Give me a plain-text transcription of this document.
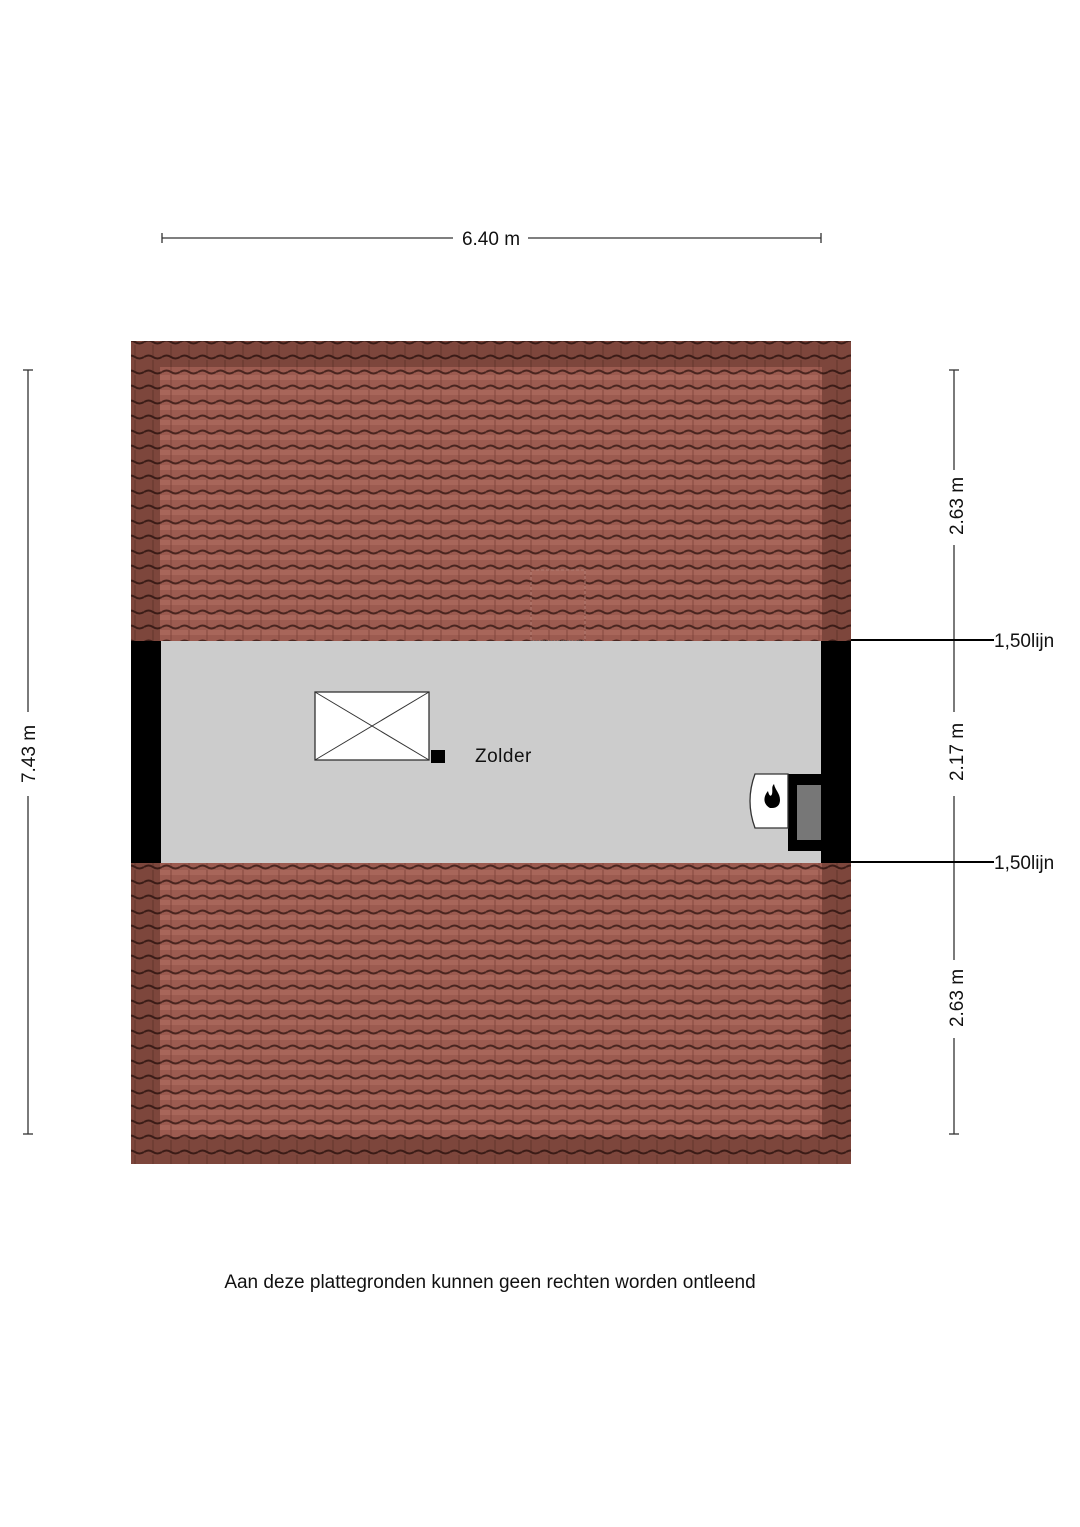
6.40 m
7.43 m
2.63 m
2.17 m
2.63 m
Zolder
1,50lijn
1,50lijn
Aan deze plattegronden kunnen geen rechten worden ontleend
